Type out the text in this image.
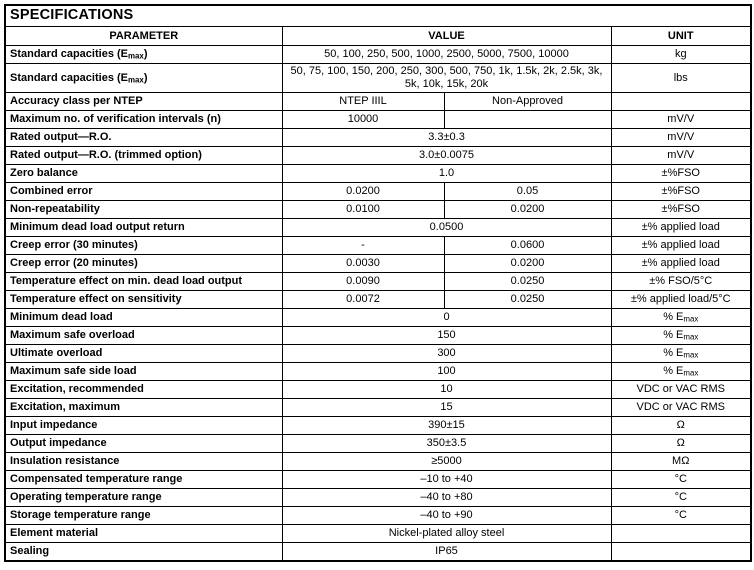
SPECIFICATIONS			
PARAMETER	VALUE		UNIT
Standard capacities $(E_{max})$	50, 100, 250, 500, 1000, 2500, 5000, 7500, 10000		kg
Standard capacities $(E_{max})$	50, 75, 100, 150, 200, 250, 300, 500, 750, 1k, 1.5k, 2k, 2.5k, 3k, 5k, 10k, 15k, 20k		lbs
Accuracy class per NTEP	NTEP IIIL	Non-Approved	
Maximum no. of verification intervals (n)	10000		mV/V
Rated output—R.O.	3.3±0.3		mV/V
Rated output—R.O. (trimmed option)	3.0±0.0075		mV/V
Zero balance	1.0		±%FSO
Combined error	0.0200	0.05	±%FSO
Non-repeatability	0.0100	0.0200	±%FSO
Minimum dead load output return	0.0500		±% applied load
Creep error (30 minutes)	-	0.0600	±% applied load
Creep error (20 minutes)	0.0030	0.0200	±% applied load
Temperature effect on min. dead load output	0.0090	0.0250	±% FSO/5°C
Temperature effect on sensitivity	0.0072	0.0250	±% applied load/5°C
Minimum dead load	0		% $E_{max}$
Maximum safe overload	150		% $E_{max}$
Ultimate overload	300		% $E_{max}$
Maximum safe side load	100		% $E_{max}$
Excitation, recommended	10		VDC or VAC RMS
Excitation, maximum	15		VDC or VAC RMS
Input impedance	390±15		Ω
Output impedance	350±3.5		Ω
Insulation resistance	≥5000		MΩ
Compensated temperature range	–10 to +40		°C
Operating temperature range	–40 to +80		°C
Storage temperature range	–40 to +90		°C
Element material	Nickel-plated alloy steel		
Sealing	IP65		
